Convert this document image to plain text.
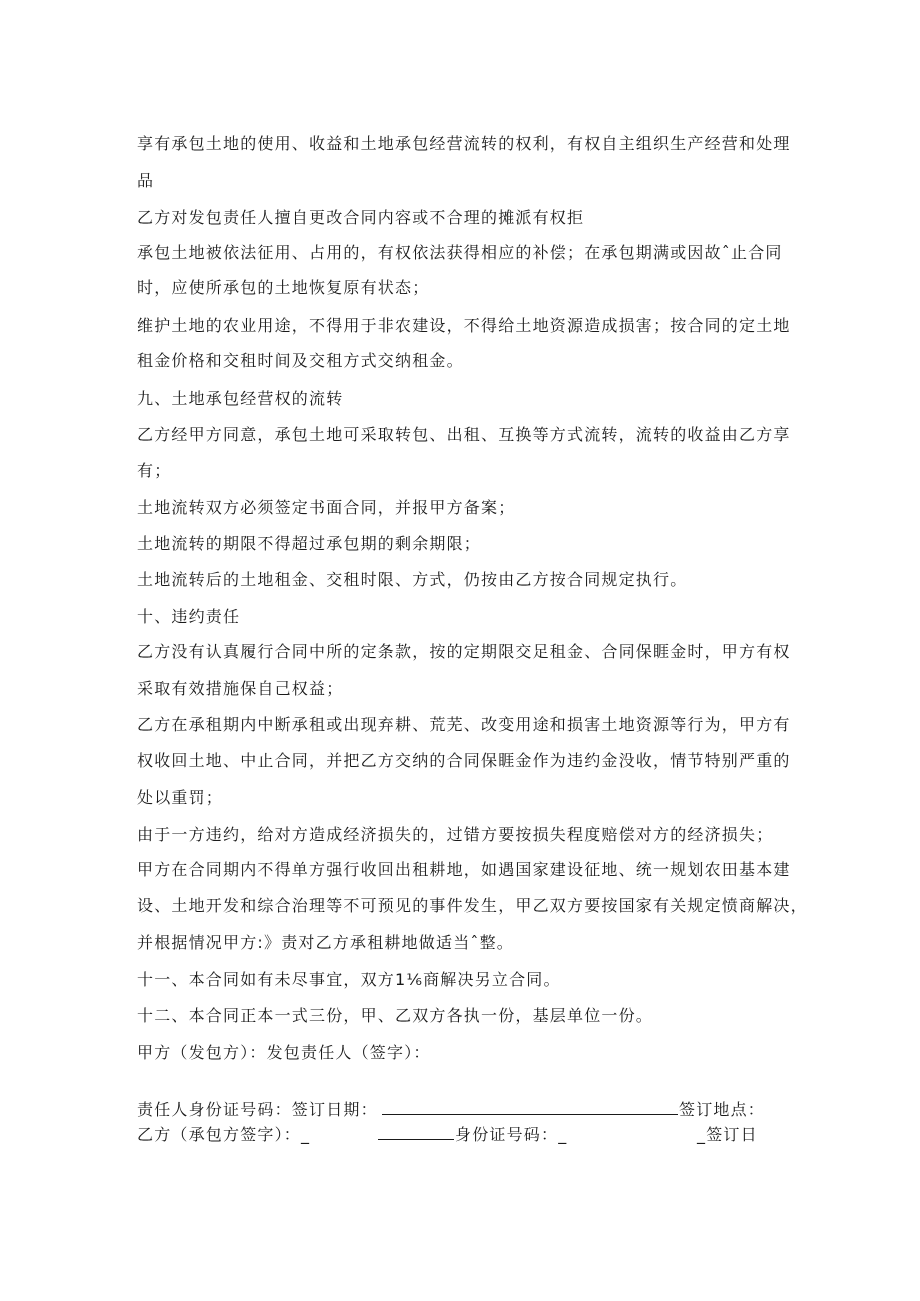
享有承包土地的使用、收益和土地承包经营流转的权利，有权自主组织生产经营和处理
品
乙方对发包责任人擅自更改合同内容或不合理的摊派有权拒
承包土地被依法征用、占用的，有权依法获得相应的补偿；在承包期满或因故ˆ止合同
时，应使所承包的土地恢复原有状态；
维护土地的农业用途，不得用于非农建设，不得给土地资源造成损害；按合同的定土地
租金价格和交租时间及交租方式交纳租金。
九、土地承包经营权的流转
乙方经甲方同意，承包土地可采取转包、出租、互换等方式流转，流转的收益由乙方享
有；
土地流转双方必须签定书面合同，并报甲方备案；
土地流转的期限不得超过承包期的剩余期限；
土地流转后的土地租金、交租时限、方式，仍按由乙方按合同规定执行。
十、违约责任
乙方没有认真履行合同中所的定条款，按的定期限交足租金、合同保睚金时，甲方有权
采取有效措施保自己权益；
乙方在承租期内中断承租或出现弃耕、荒芜、改变用途和损害土地资源等行为，甲方有
权收回土地、中止合同，并把乙方交纳的合同保睚金作为违约金没收，情节特别严重的
处以重罚；
由于一方违约，给对方造成经济损失的，过错方要按损失程度赔偿对方的经济损失；
甲方在合同期内不得单方强行收回出租耕地，如遇国家建设征地、统一规划农田基本建
设、土地开发和综合治理等不可预见的事件发生，甲乙双方要按国家有关规定愤商解决，
并根据情况甲方:》责对乙方承租耕地做适当ˆ整。
十一、本合同如有未尽事宜，双方1⅙商解决另立合同。
十二、本合同正本一式三份，甲、乙双方各执一份，基层单位一份。
甲方（发包方）：发包责任人（签字）：
责任人身份证号码：签订日期：	签订地点：
乙方（承包方签字）：_	身份证号码：_	_签订日
